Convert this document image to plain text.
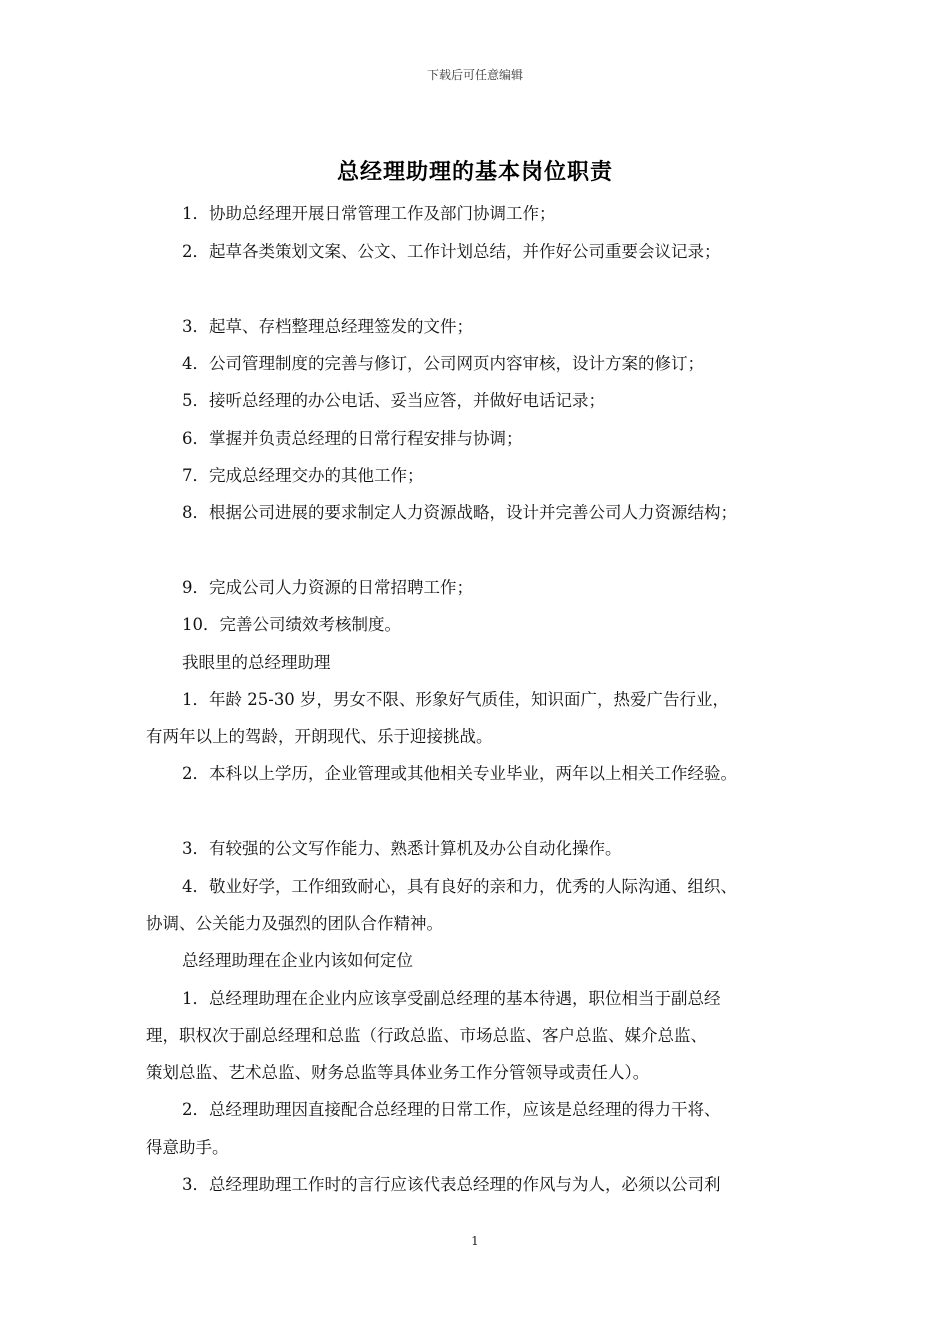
下载后可任意编辑
总经理助理的基本岗位职责
1．协助总经理开展日常管理工作及部门协调工作；
2．起草各类策划文案、公文、工作计划总结，并作好公司重要会议记录；
3．起草、存档整理总经理签发的文件；
4．公司管理制度的完善与修订，公司网页内容审核，设计方案的修订；
5．接听总经理的办公电话、妥当应答，并做好电话记录；
6．掌握并负责总经理的日常行程安排与协调；
7．完成总经理交办的其他工作；
8．根据公司进展的要求制定人力资源战略，设计并完善公司人力资源结构；
9．完成公司人力资源的日常招聘工作；
10．完善公司绩效考核制度。
我眼里的总经理助理
1．年龄 25-30 岁，男女不限、形象好气质佳，知识面广，热爱广告行业，
有两年以上的驾龄，开朗现代、乐于迎接挑战。
2．本科以上学历，企业管理或其他相关专业毕业，两年以上相关工作经验。
3．有较强的公文写作能力、熟悉计算机及办公自动化操作。
4．敬业好学，工作细致耐心，具有良好的亲和力，优秀的人际沟通、组织、
协调、公关能力及强烈的团队合作精神。
总经理助理在企业内该如何定位
1．总经理助理在企业内应该享受副总经理的基本待遇，职位相当于副总经
理，职权次于副总经理和总监（行政总监、市场总监、客户总监、媒介总监、
策划总监、艺术总监、财务总监等具体业务工作分管领导或责任人）。
2．总经理助理因直接配合总经理的日常工作，应该是总经理的得力干将、
得意助手。
3．总经理助理工作时的言行应该代表总经理的作风与为人，必须以公司利
1
